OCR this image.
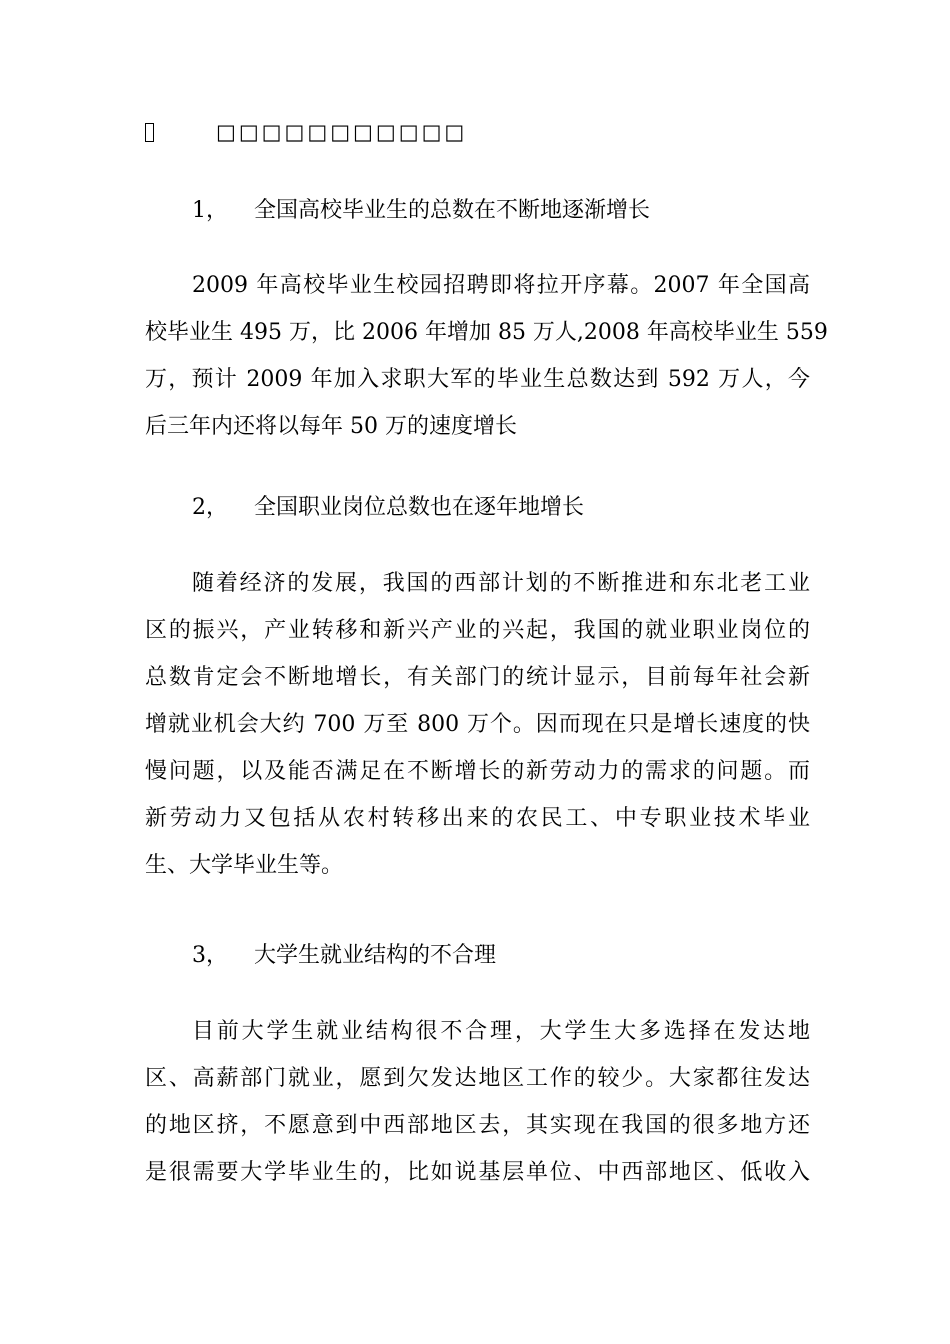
□□□□□□□□□□□
1， 全国高校毕业生的总数在不断地逐渐增长
2009 年高校毕业生校园招聘即将拉开序幕。2007 年全国高
校毕业生 495 万，比 2006 年增加 85 万人,2008 年高校毕业生 559
万，预计 2009 年加入求职大军的毕业生总数达到 592 万人，今
后三年内还将以每年 50 万的速度增长
2， 全国职业岗位总数也在逐年地增长
随着经济的发展，我国的西部计划的不断推进和东北老工业
区的振兴，产业转移和新兴产业的兴起，我国的就业职业岗位的
总数肯定会不断地增长，有关部门的统计显示，目前每年社会新
增就业机会大约 700 万至 800 万个。因而现在只是增长速度的快
慢问题，以及能否满足在不断增长的新劳动力的需求的问题。而
新劳动力又包括从农村转移出来的农民工、中专职业技术毕业
生、大学毕业生等。
3， 大学生就业结构的不合理
目前大学生就业结构很不合理，大学生大多选择在发达地
区、高薪部门就业，愿到欠发达地区工作的较少。大家都往发达
的地区挤，不愿意到中西部地区去，其实现在我国的很多地方还
是很需要大学毕业生的，比如说基层单位、中西部地区、低收入
